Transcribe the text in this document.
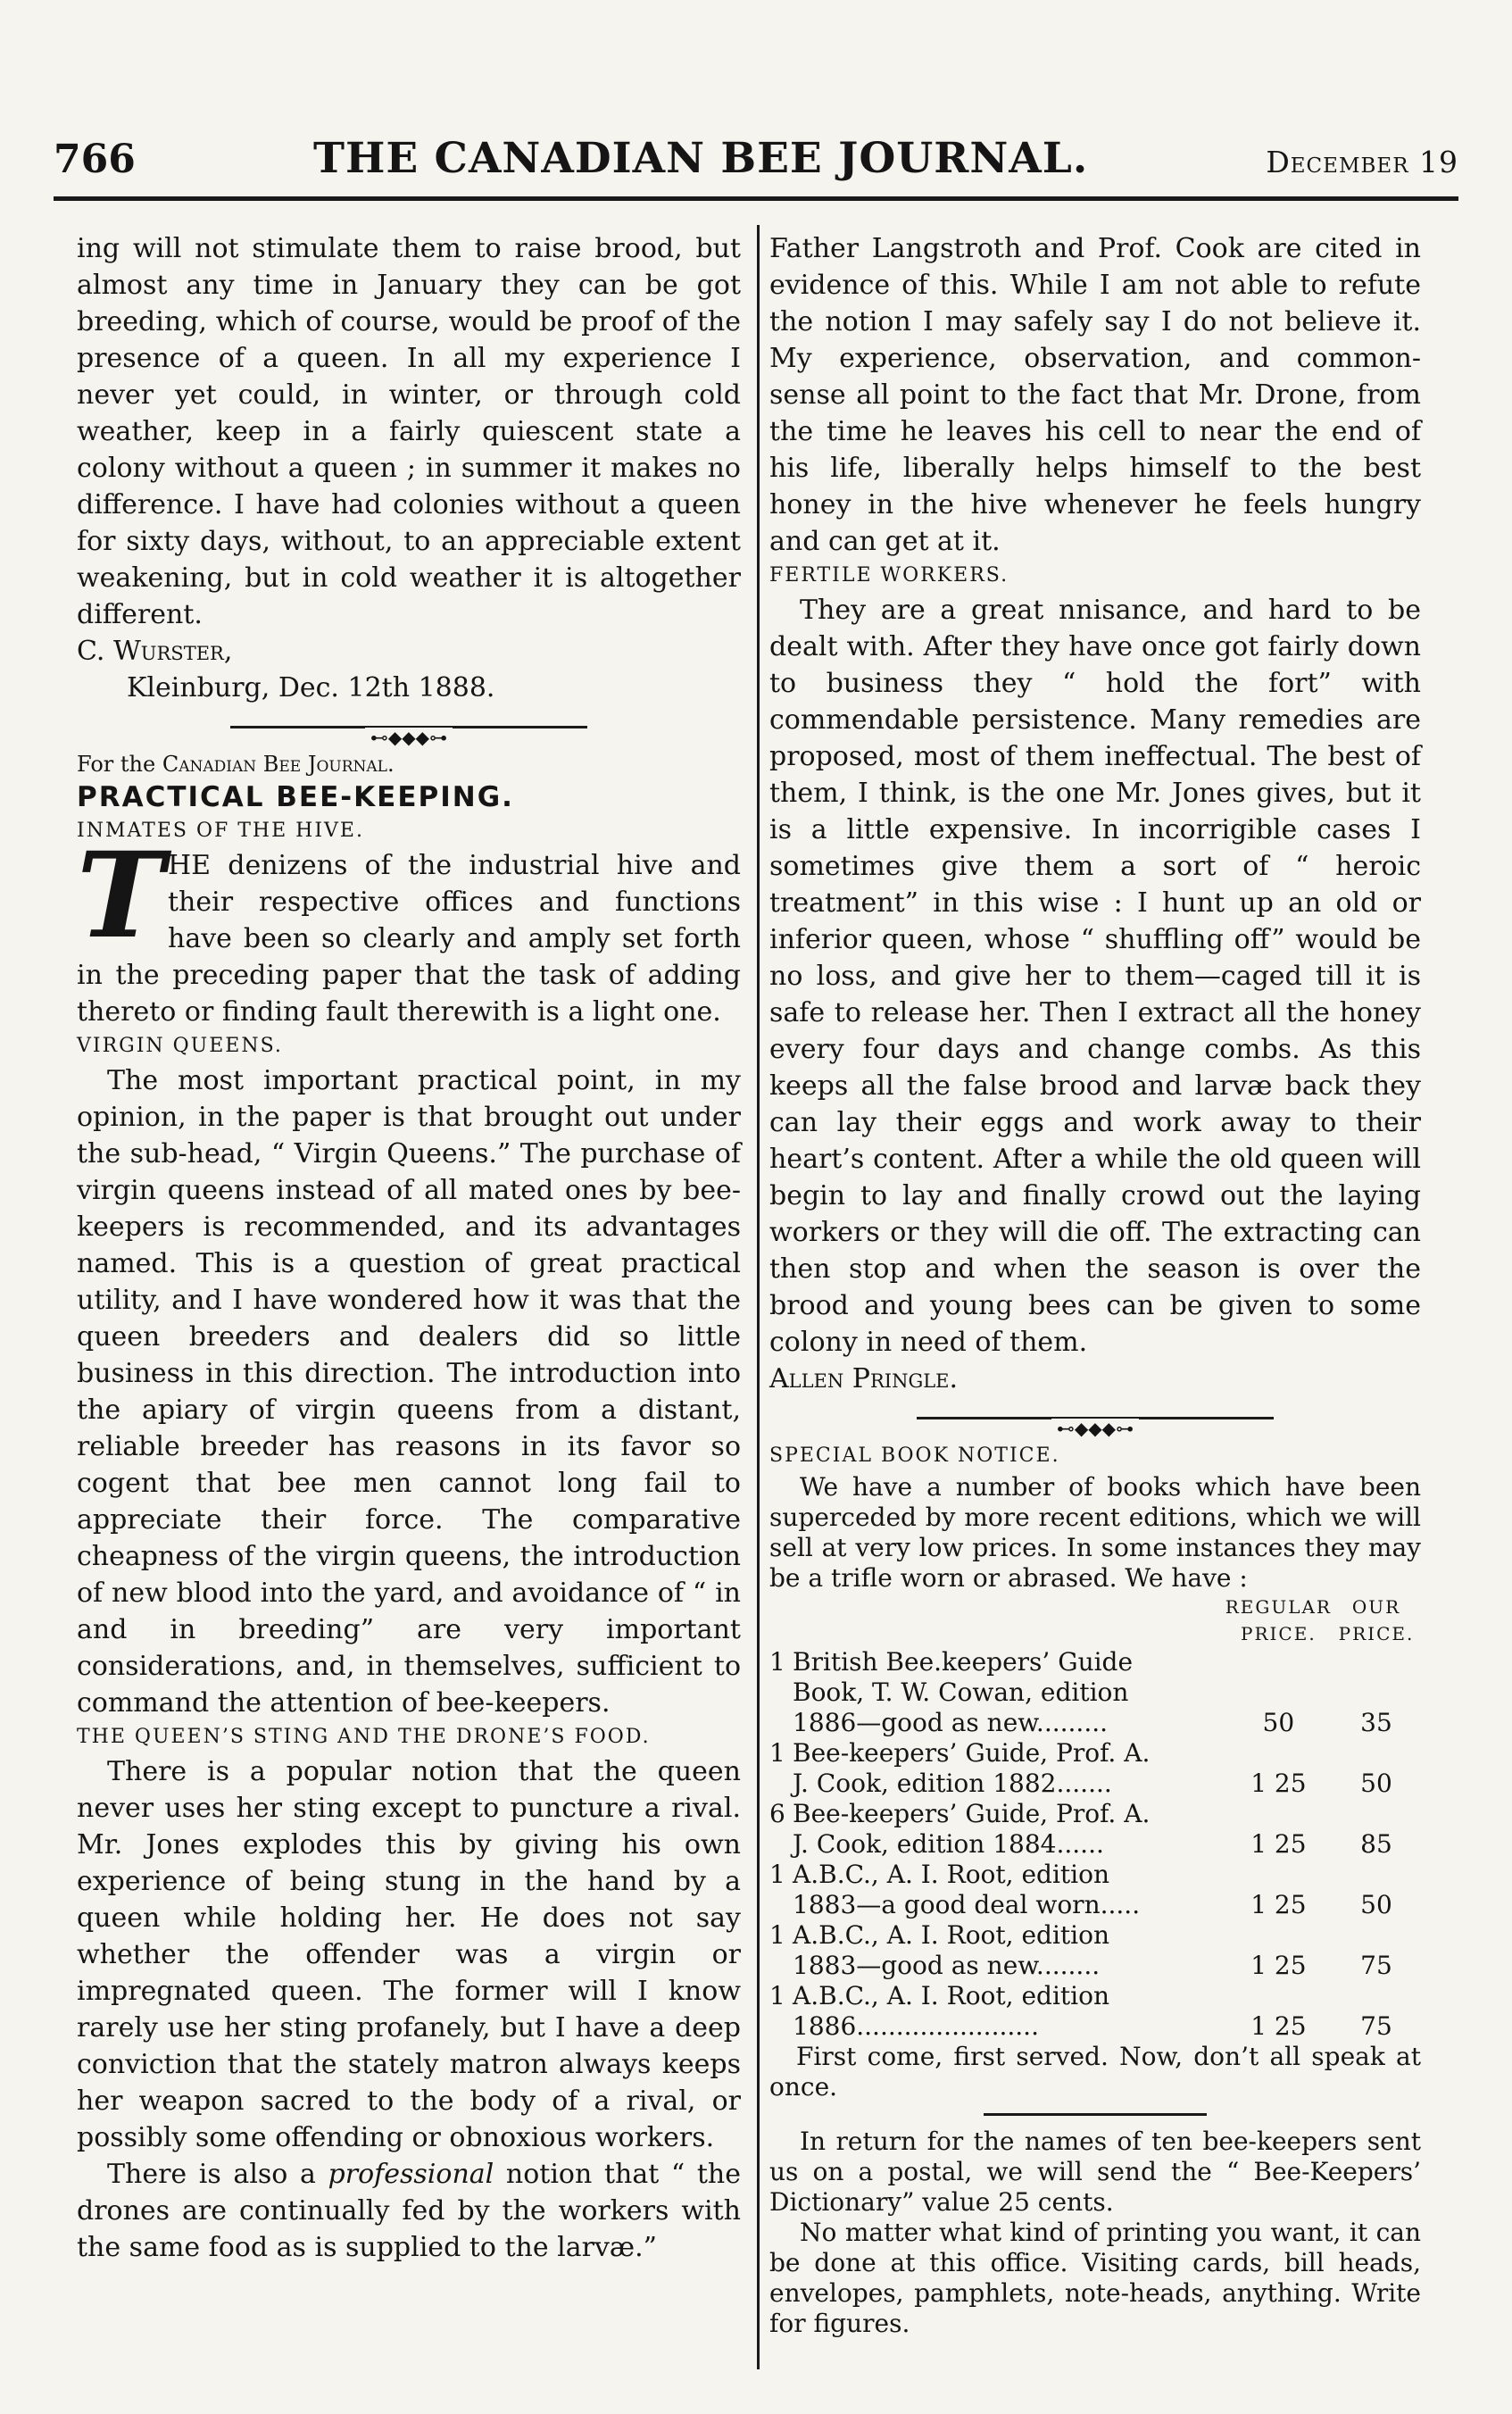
766	THE CANADIAN BEE JOURNAL.	December 19

ing will not stimulate them to raise brood, but almost any time in January they can be got breeding, which of course, would be proof of the presence of a queen. In all my experience I never yet could, in winter, or through cold weather, keep in a fairly quiescent state a colony without a queen ; in summer it makes no difference. I have had colonies without a queen for sixty days, without, to an appreciable extent weakening, but in cold weather it is altogether different.

C. Wurster,

Kleinburg, Dec. 12th 1888.

⊷◆◆◆⊶

For the Canadian Bee Journal.

PRACTICAL BEE-KEEPING.

INMATES OF THE HIVE.

T HE denizens of the industrial hive and their respective offices and functions have been so clearly and amply set forth in the preceding paper that the task of adding thereto or finding fault therewith is a light one.

VIRGIN QUEENS.

The most important practical point, in my opinion, in the paper is that brought out under the sub-head, “ Virgin Queens.” The purchase of virgin queens instead of all mated ones by bee-keepers is recommended, and its advantages named. This is a question of great practical utility, and I have wondered how it was that the queen breeders and dealers did so little business in this direction. The introduction into the apiary of virgin queens from a distant, reliable breeder has reasons in its favor so cogent that bee men cannot long fail to appreciate their force. The comparative cheapness of the virgin queens, the introduction of new blood into the yard, and avoidance of “ in and in breeding” are very important considerations, and, in themselves, sufficient to command the attention of bee-keepers.

THE QUEEN’S STING AND THE DRONE’S FOOD.

There is a popular notion that the queen never uses her sting except to puncture a rival. Mr. Jones explodes this by giving his own experience of being stung in the hand by a queen while holding her. He does not say whether the offender was a virgin or impregnated queen. The former will I know rarely use her sting profanely, but I have a deep conviction that the stately matron always keeps her weapon sacred to the body of a rival, or possibly some offending or obnoxious workers.

There is also a professional notion that “ the drones are continually fed by the workers with the same food as is supplied to the larvæ.”

Father Langstroth and Prof. Cook are cited in evidence of this. While I am not able to refute the notion I may safely say I do not believe it. My experience, observation, and common-sense all point to the fact that Mr. Drone, from the time he leaves his cell to near the end of his life, liberally helps himself to the best honey in the hive whenever he feels hungry and can get at it.

FERTILE WORKERS.

They are a great nnisance, and hard to be dealt with. After they have once got fairly down to business they “ hold the fort” with commendable persistence. Many remedies are proposed, most of them ineffectual. The best of them, I think, is the one Mr. Jones gives, but it is a little expensive. In incorrigible cases I sometimes give them a sort of “ heroic treatment” in this wise : I hunt up an old or inferior queen, whose “ shuffling off” would be no loss, and give her to them—caged till it is safe to release her. Then I extract all the honey every four days and change combs. As this keeps all the false brood and larvæ back they can lay their eggs and work away to their heart’s content. After a while the old queen will begin to lay and finally crowd out the laying workers or they will die off. The extracting can then stop and when the season is over the brood and young bees can be given to some colony in need of them.

Allen Pringle.

⊷◆◆◆⊶

SPECIAL BOOK NOTICE.

We have a number of books which have been superceded by more recent editions, which we will sell at very low prices. In some instances they may be a trifle worn or abrased. We have :

		REGULAR
PRICE.	OUR
PRICE.
1	British Bee.keepers’ Guide
Book, T. W. Cowan, edition
1886—good as new.........	50	35
1	Bee-keepers’ Guide, Prof. A.
J. Cook, edition 1882.......	1 25	50
6	Bee-keepers’ Guide, Prof. A.
J. Cook, edition 1884......	1 25	85
1	A.B.C., A. I. Root, edition
1883—a good deal worn.....	1 25	50
1	A.B.C., A. I. Root, edition
1883—good as new........	1 25	75
1	A.B.C., A. I. Root, edition
1886.......................	1 25	75

First come, first served. Now, don’t all speak at once.

In return for the names of ten bee-keepers sent us on a postal, we will send the “ Bee-Keepers’ Dictionary” value 25 cents.

No matter what kind of printing you want, it can be done at this office. Visiting cards, bill heads, envelopes, pamphlets, note-heads, anything. Write for figures.
